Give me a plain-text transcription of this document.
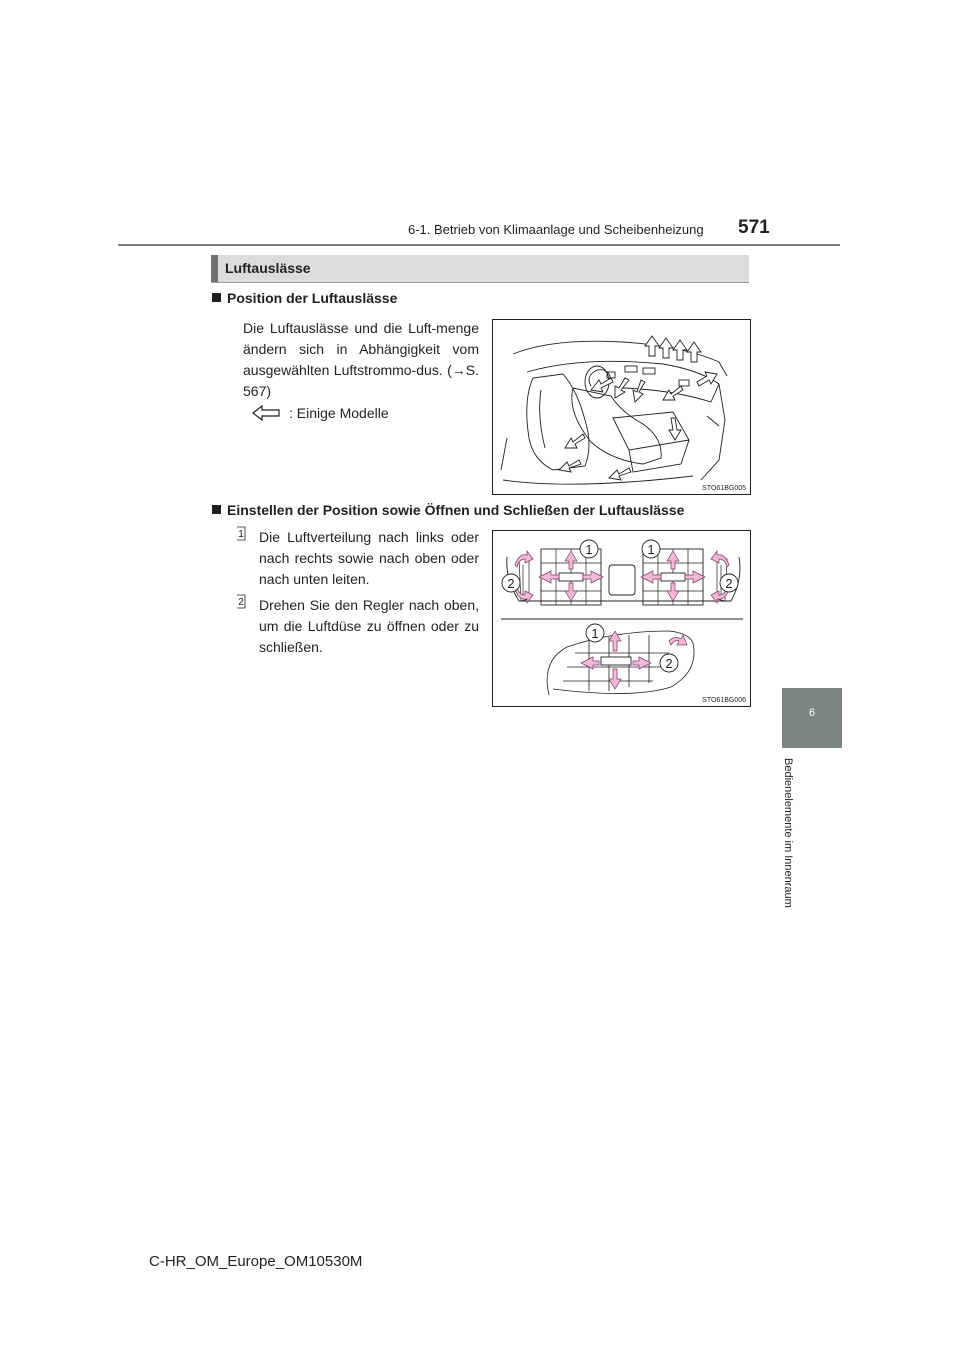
6-1. Betrieb von Klimaanlage und Scheibenheizung 571
6
Bedienelemente im Innenraum
Luftauslässe
Position der Luftauslässe
Die Luftauslässe und die Luft-menge ändern sich in Abhängigkeit vom ausgewählten Luftstrommo-dus. (→S. 567)
: Einige Modelle
STO61BG005
Einstellen der Position sowie Öffnen und Schließen der Luftauslässe
1 Die Luftverteilung nach links oder nach rechts sowie nach oben oder nach unten leiten.
2 Drehen Sie den Regler nach oben, um die Luftdüse zu öffnen oder zu schließen.
1	1
2	2
1
2
STO61BG006
C-HR_OM_Europe_OM10530M
